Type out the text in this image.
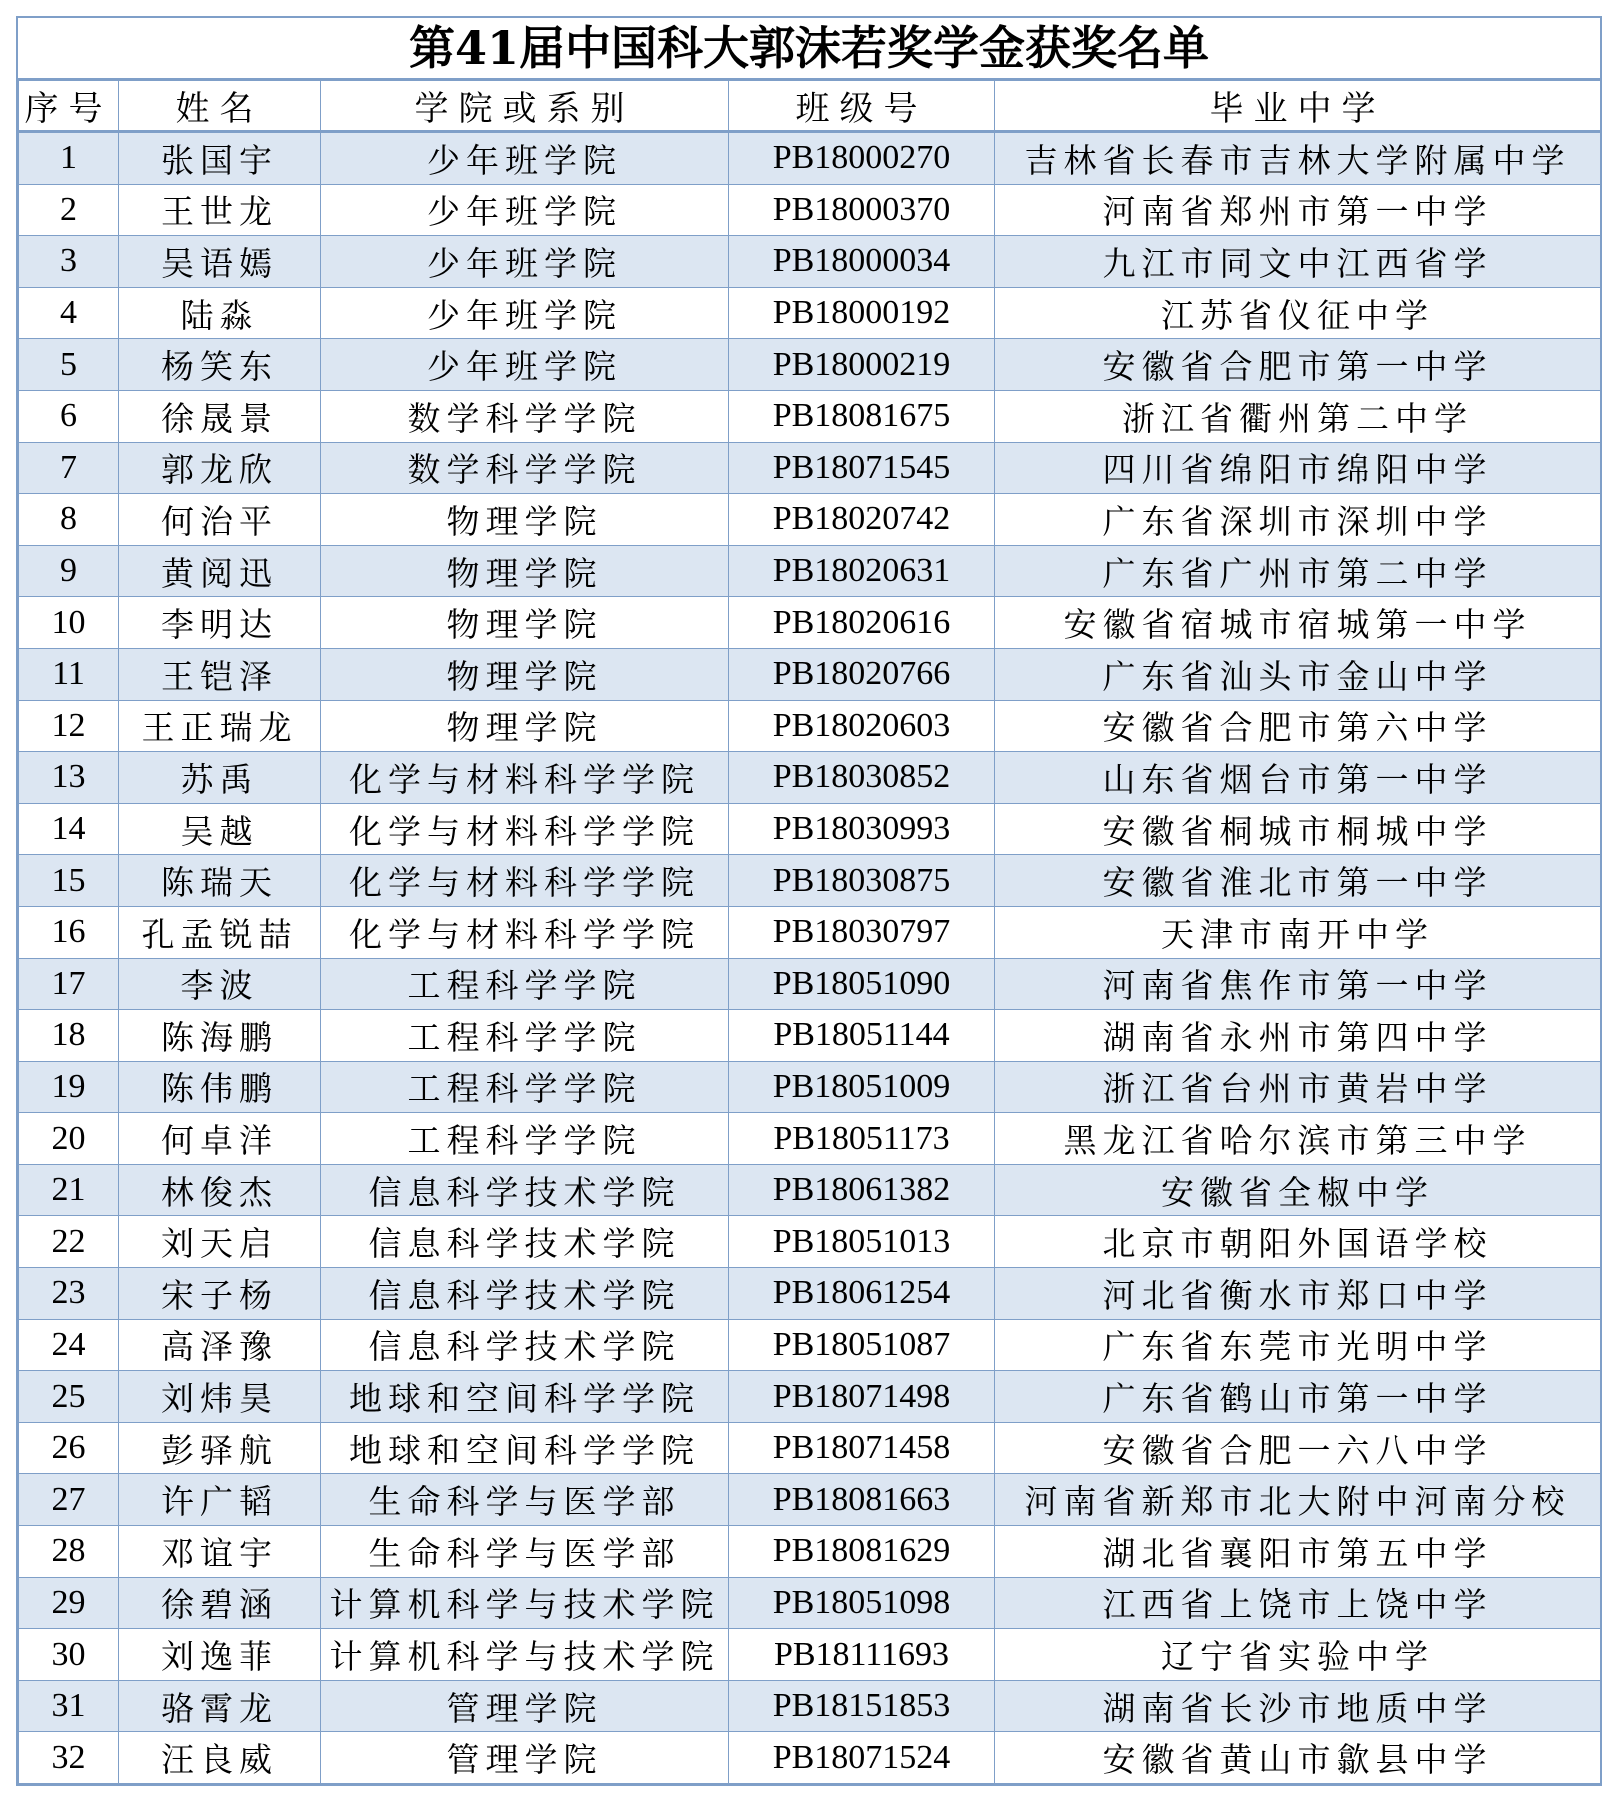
第41届中国科大郭沫若奖学金获奖名单
序号	姓名	学院或系别	班级号	毕业中学
1	张国宇	少年班学院	PB18000270	吉林省长春市吉林大学附属中学
2	王世龙	少年班学院	PB18000370	河南省郑州市第一中学
3	吴语嫣	少年班学院	PB18000034	九江市同文中江西省学
4	陆淼	少年班学院	PB18000192	江苏省仪征中学
5	杨笑东	少年班学院	PB18000219	安徽省合肥市第一中学
6	徐晟景	数学科学学院	PB18081675	浙江省衢州第二中学
7	郭龙欣	数学科学学院	PB18071545	四川省绵阳市绵阳中学
8	何治平	物理学院	PB18020742	广东省深圳市深圳中学
9	黄阅迅	物理学院	PB18020631	广东省广州市第二中学
10	李明达	物理学院	PB18020616	安徽省宿城市宿城第一中学
11	王铠泽	物理学院	PB18020766	广东省汕头市金山中学
12	王正瑞龙	物理学院	PB18020603	安徽省合肥市第六中学
13	苏禹	化学与材料科学学院	PB18030852	山东省烟台市第一中学
14	吴越	化学与材料科学学院	PB18030993	安徽省桐城市桐城中学
15	陈瑞天	化学与材料科学学院	PB18030875	安徽省淮北市第一中学
16	孔孟锐喆	化学与材料科学学院	PB18030797	天津市南开中学
17	李波	工程科学学院	PB18051090	河南省焦作市第一中学
18	陈海鹏	工程科学学院	PB18051144	湖南省永州市第四中学
19	陈伟鹏	工程科学学院	PB18051009	浙江省台州市黄岩中学
20	何卓洋	工程科学学院	PB18051173	黑龙江省哈尔滨市第三中学
21	林俊杰	信息科学技术学院	PB18061382	安徽省全椒中学
22	刘天启	信息科学技术学院	PB18051013	北京市朝阳外国语学校
23	宋子杨	信息科学技术学院	PB18061254	河北省衡水市郑口中学
24	高泽豫	信息科学技术学院	PB18051087	广东省东莞市光明中学
25	刘炜昊	地球和空间科学学院	PB18071498	广东省鹤山市第一中学
26	彭驿航	地球和空间科学学院	PB18071458	安徽省合肥一六八中学
27	许广韬	生命科学与医学部	PB18081663	河南省新郑市北大附中河南分校
28	邓谊宇	生命科学与医学部	PB18081629	湖北省襄阳市第五中学
29	徐碧涵	计算机科学与技术学院	PB18051098	江西省上饶市上饶中学
30	刘逸菲	计算机科学与技术学院	PB18111693	辽宁省实验中学
31	骆霄龙	管理学院	PB18151853	湖南省长沙市地质中学
32	汪良威	管理学院	PB18071524	安徽省黄山市歙县中学
